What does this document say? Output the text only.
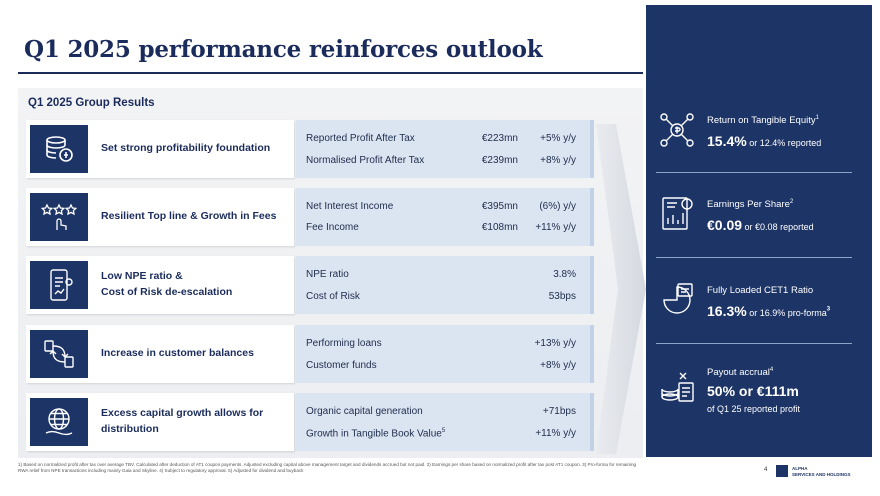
Q1 2025 performance reinforces outlook
Q1 2025 Group Results
Set strong profitability foundation
Reported Profit After Tax	€223mn +5% y/y
Normalised Profit After Tax	€239mn +8% y/y
Resilient Top line & Growth in Fees
Net Interest Income	€395mn (6%) y/y
Fee Income	€108mn +11% y/y
Low NPE ratio &
Cost of Risk de-escalation
NPE ratio	3.8%
Cost of Risk	53bps
Increase in customer balances
Performing loans	+13% y/y
Customer funds	+8% y/y
Excess capital growth allows for
distribution
Organic capital generation	+71bps
Growth in Tangible Book Value$^5$	+11% y/y
Return on Tangible Equity$^1$
15.4% or 12.4% reported
Earnings Per Share$^2$
€0.09 or €0.08 reported
Fully Loaded CET1 Ratio
16.3% or 16.9% pro-forma$^3$
Payout accrual$^4$
50% or €111m
of Q1 25 reported profit
1) Based on normalized profit after tax over average TBV. Calculated after deduction of AT1 coupon payments. Adjusted excluding capital above management target and dividends accrued but not paid. 2) Earnings per share based on normalized profit after tax post AT1 coupon. 3) Pro-forma for remaining RWA relief from NPE transactions including mainly Gaia and Skyline. 4) Subject to regulatory approval. 5) Adjusted for dividend and buyback	4	ALPHA
SERVICES AND HOLDINGS
